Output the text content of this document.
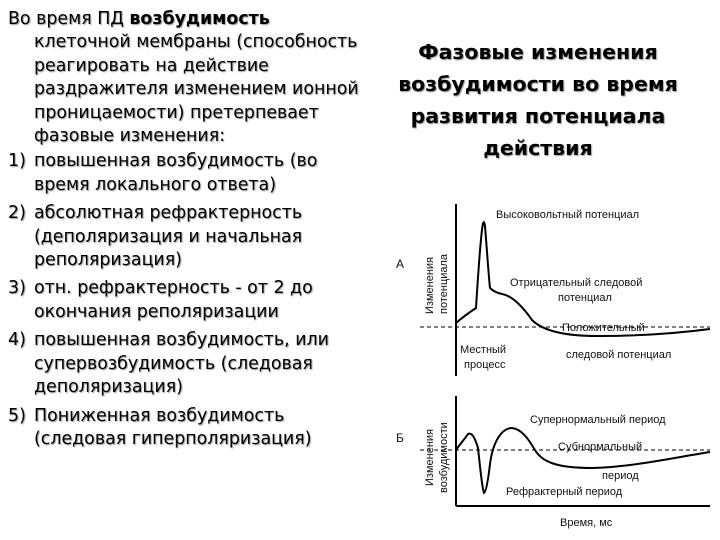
Во время ПД возбудимость клеточной мембраны (способность реагировать на действие раздражителя изменением ионной проницаемости) претерпевает фазовые изменения:
1) повышенная возбудимость (во время локального ответа)
2) абсолютная рефрактерность (деполяризация и начальная реполяризация)
3) отн. рефрактерность - от 2 до окончания реполяризации
4) повышенная возбудимость, или супервозбудимость (следовая деполяризация)
5) Пониженная возбудимость (следовая гиперполяризация)
Фазовые изменения возбудимости во время развития потенциала действия
А Изменения потенциала
Высоковольтный потенциал
Отрицательный следовой
потенциал
Положительный
следовой потенциал
Местный
процесс
Б Изменения возбудимости
Супернормальный период
Субнормальный
период
Рефрактерный период
Время, мс
